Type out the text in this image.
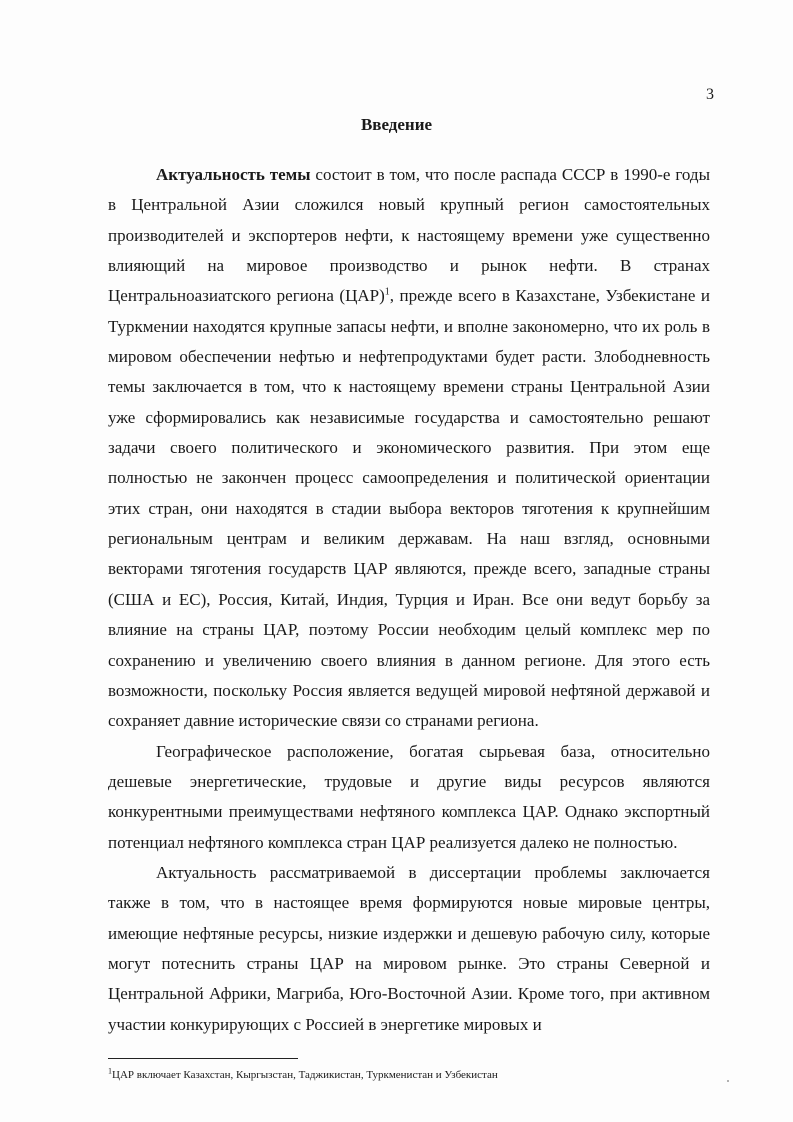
3
Введение

Актуальность темы состоит в том, что после распада СССР в 1990-е годы в Центральной Азии сложился новый крупный регион самостоятельных производителей и экспортеров нефти, к настоящему времени уже существенно влияющий на мировое производство и рынок нефти. В странах Центральноазиатского региона (ЦАР)$^1$, прежде всего в Казахстане, Узбекистане и Туркмении находятся крупные запасы нефти, и вполне закономерно, что их роль в мировом обеспечении нефтью и нефтепродуктами будет расти. Злободневность темы заключается в том, что к настоящему времени страны Центральной Азии уже сформировались как независимые государства и самостоятельно решают задачи своего политического и экономического развития. При этом еще полностью не закончен процесс самоопределения и политической ориентации этих стран, они находятся в стадии выбора векторов тяготения к крупнейшим региональным центрам и великим державам. На наш взгляд, основными векторами тяготения государств ЦАР являются, прежде всего, западные страны (США и ЕС), Россия, Китай, Индия, Турция и Иран. Все они ведут борьбу за влияние на страны ЦАР, поэтому России необходим целый комплекс мер по сохранению и увеличению своего влияния в данном регионе. Для этого есть возможности, поскольку Россия является ведущей мировой нефтяной державой и сохраняет давние исторические связи со странами региона.

Географическое расположение, богатая сырьевая база, относительно дешевые энергетические, трудовые и другие виды ресурсов являются конкурентными преимуществами нефтяного комплекса ЦАР. Однако экспортный потенциал нефтяного комплекса стран ЦАР реализуется далеко не полностью.

Актуальность рассматриваемой в диссертации проблемы заключается также в том, что в настоящее время формируются новые мировые центры, имеющие нефтяные ресурсы, низкие издержки и дешевую рабочую силу, которые могут потеснить страны ЦАР на мировом рынке. Это страны Северной и Центральной Африки, Магриба, Юго-Восточной Азии. Кроме того, при активном участии конкурирующих с Россией в энергетике мировых и

$^1$ЦАР включает Казахстан, Кыргызстан, Таджикистан, Туркменистан и Узбекистан
